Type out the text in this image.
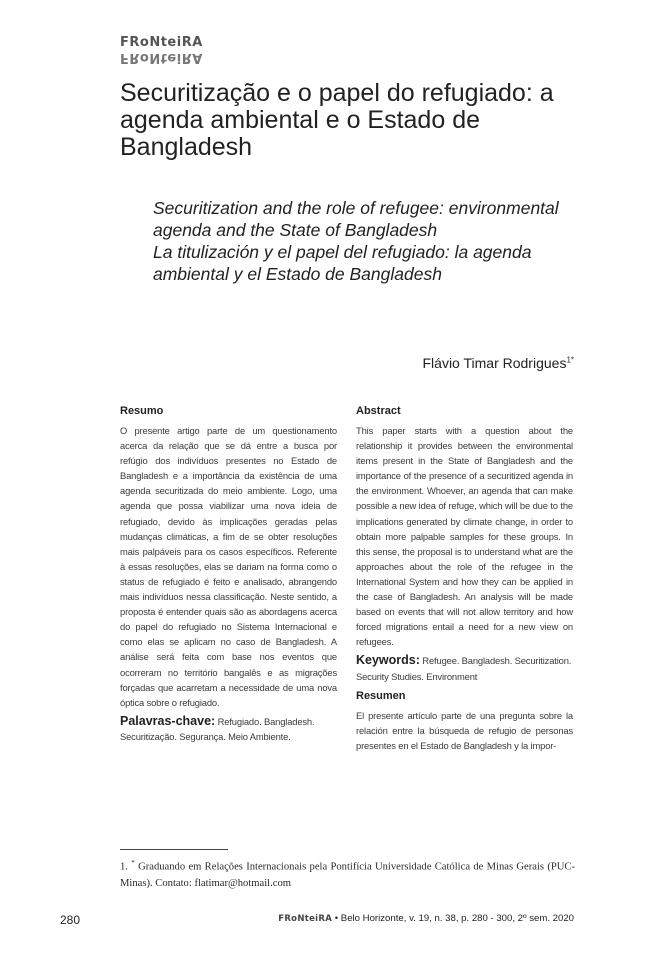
FRoNteiRA
FRoNteiRA
Securitização e o papel do refugiado: a agenda ambiental e o Estado de Bangladesh
Securitization and the role of refugee: environmental agenda and the State of Bangladesh
La titulización y el papel del refugiado: la agenda ambiental y el Estado de Bangladesh
Flávio Timar Rodrigues$^{1*}$
Resumo

O presente artigo parte de um questionamento acerca da relação que se dá entre a busca por refúgio dos indivíduos presentes no Estado de Bangladesh e a importância da existência de uma agenda securitizada do meio ambiente. Logo, uma agenda que possa viabilizar uma nova ideia de refugiado, devido às implicações geradas pelas mudanças climáticas, a fim de se obter resoluções mais palpáveis para os casos específicos. Referente à essas resoluções, elas se dariam na forma como o status de refugiado é feito e analisado, abrangendo mais indivíduos nessa classificação. Neste sentido, a proposta é entender quais são as abordagens acerca do papel do refugiado no Sistema Internacional e como elas se aplicam no caso de Bangladesh. A análise será feita com base nos eventos que ocorreram no território bangalês e as migrações forçadas que acarretam a necessidade de uma nova óptica sobre o refugiado.

Palavras-chave: Refugiado. Bangladesh. Securitização. Segurança. Meio Ambiente.

Abstract

This paper starts with a question about the relationship it provides between the environmental items present in the State of Bangladesh and the importance of the presence of a securitized agenda in the environment. Whoever, an agenda that can make possible a new idea of refuge, which will be due to the implications generated by climate change, in order to obtain more palpable samples for these groups. In this sense, the proposal is to understand what are the approaches about the role of the refugee in the International System and how they can be applied in the case of Bangladesh. An analysis will be made based on events that will not allow territory and how forced migrations entail a need for a new view on refugees.

Keywords: Refugee. Bangladesh. Securitization. Security Studies. Environment

Resumen

El presente artículo parte de una pregunta sobre la relación entre la búsqueda de refugio de personas presentes en el Estado de Bangladesh y la impor-

1. * Graduando em Relações Internacionais pela Pontifícia Universidade Católica de Minas Gerais (PUC-Minas). Contato: flatimar@hotmail.com

280	FRoNteiRA • Belo Horizonte, v. 19, n. 38, p. 280 - 300, 2º sem. 2020
